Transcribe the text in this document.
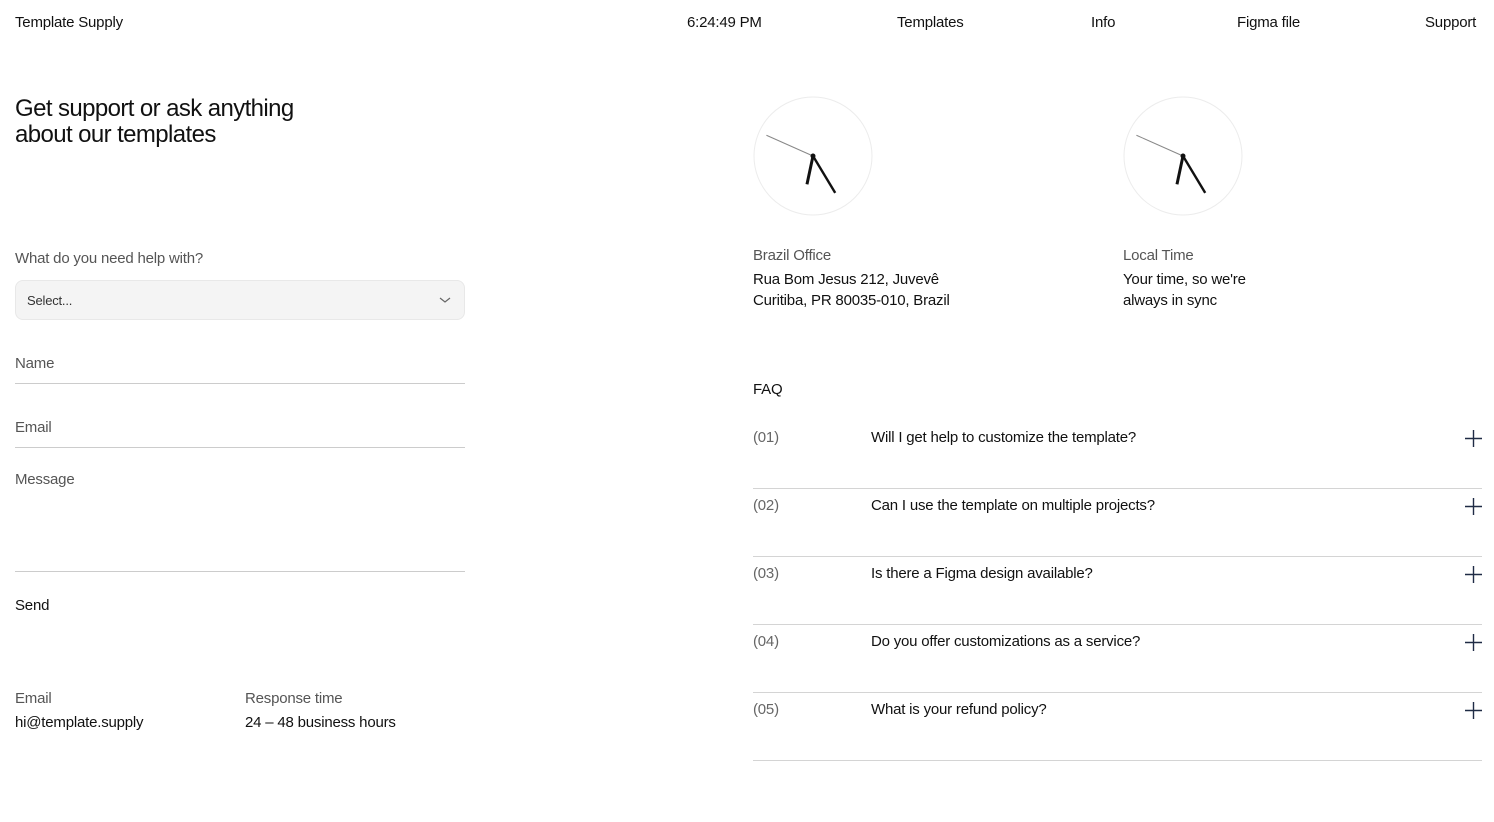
Template Supply	6:24:49 PM	Templates	Info	Figma file	Support
Get support or ask anything
about our templates
What do you need help with?
Select...
Name
Email
Message
Send
Email
hi@template.supply
Response time
24 – 48 business hours
Brazil Office
Rua Bom Jesus 212, Juvevê
Curitiba, PR 80035-010, Brazil
Local Time
Your time, so we're
always in sync
FAQ
(01)	Will I get help to customize the template?
(02)	Can I use the template on multiple projects?
(03)	Is there a Figma design available?
(04)	Do you offer customizations as a service?
(05)	What is your refund policy?
